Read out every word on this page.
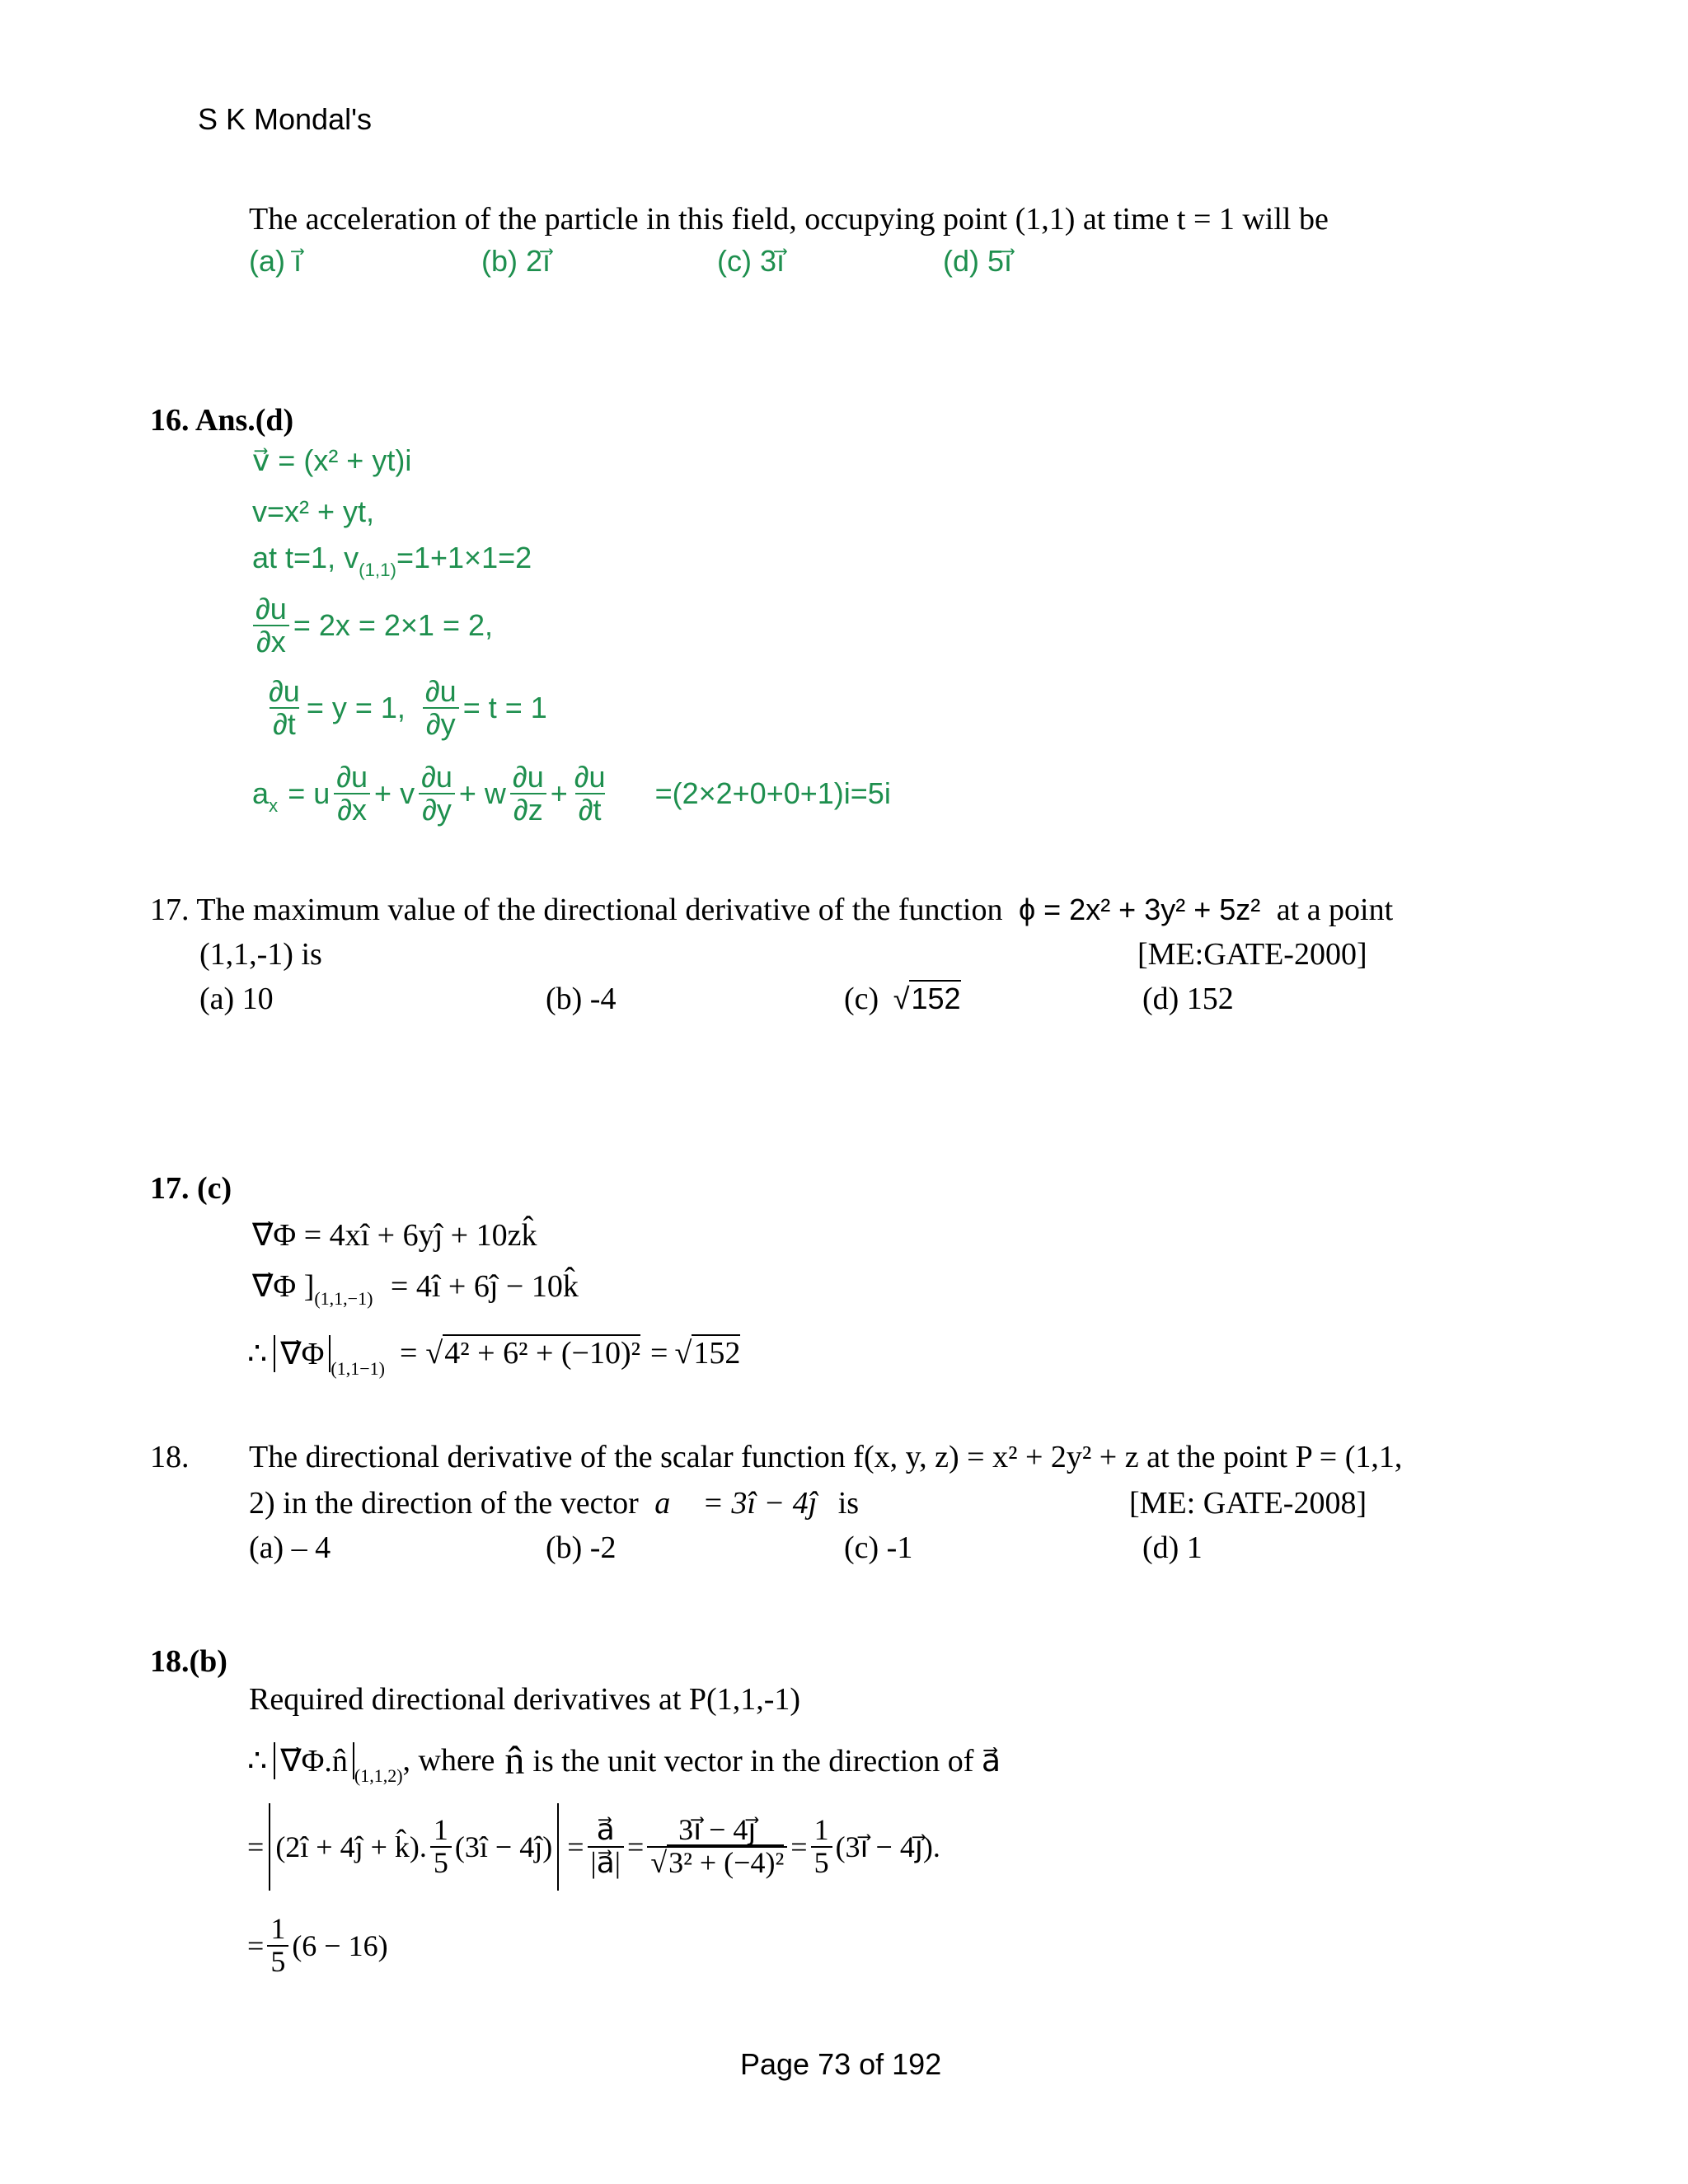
S K Mondal's
The acceleration of the particle in this field, occupying point (1,1) at time t = 1 will be
(a) i⃗	(b) 2i⃗	(c) 3i⃗	(d) 5i⃗
16. Ans.(d)
v⃗ = (x² + yt)i
v=x² + yt,
at t=1, $v_{(1,1)}=1+1\times 1=2$
$\frac{\partial u}{\partial x} = 2x = 2\times 1 = 2$,
$\frac{\partial u}{\partial t} = y = 1$, $\frac{\partial u}{\partial y} = t = 1$
a x = u $\frac{\partial u}{\partial x} + v \frac{\partial u}{\partial y} + w \frac{\partial u}{\partial z} + \frac{\partial u}{\partial t} =(2\times 2+0+0+1)i=5i$
17. The maximum value of the directional derivative of the function ϕ = 2x² + 3y² + 5z² at a point
(1,1,-1) is	[ME:GATE-2000]
(a) 10	(b) -4	(c) √152	(d) 152
17. (c)
∇⃗Φ = 4xî + 6yĵ + 10zk̂
∇⃗Φ ]$_{(1,1,-1)}$ = 4î + 6ĵ − 10k̂
∴ ∇⃗Φ (1,1−1) = √4² + 6² + (−10)² = √152
18. The directional derivative of the scalar function f(x, y, z) = x² + 2y² + z at the point P = (1,1,
2) in the direction of the vector a⃗ = 3î − 4ĵ is	[ME: GATE-2008]
(a) – 4	(b) -2	(c) -1	(d) 1
18.(b)
Required directional derivatives at P(1,1,-1)
∴ ∇⃗Φ.n̂ (1,1,2) , where n̂ is the unit vector in the direction of a⃗
= (2î + 4ĵ + k̂). $\frac{1}{5}$ (3î − 4ĵ) = $\frac{a⃗}{|a⃗|} = \frac{3i⃗ - 4j⃗}{\text{√3² + (−4)²}} = \frac{1}{5}$ (3i⃗ − 4j⃗).
= $\frac{1}{5} (6 - 16)$
Page 73 of 192
